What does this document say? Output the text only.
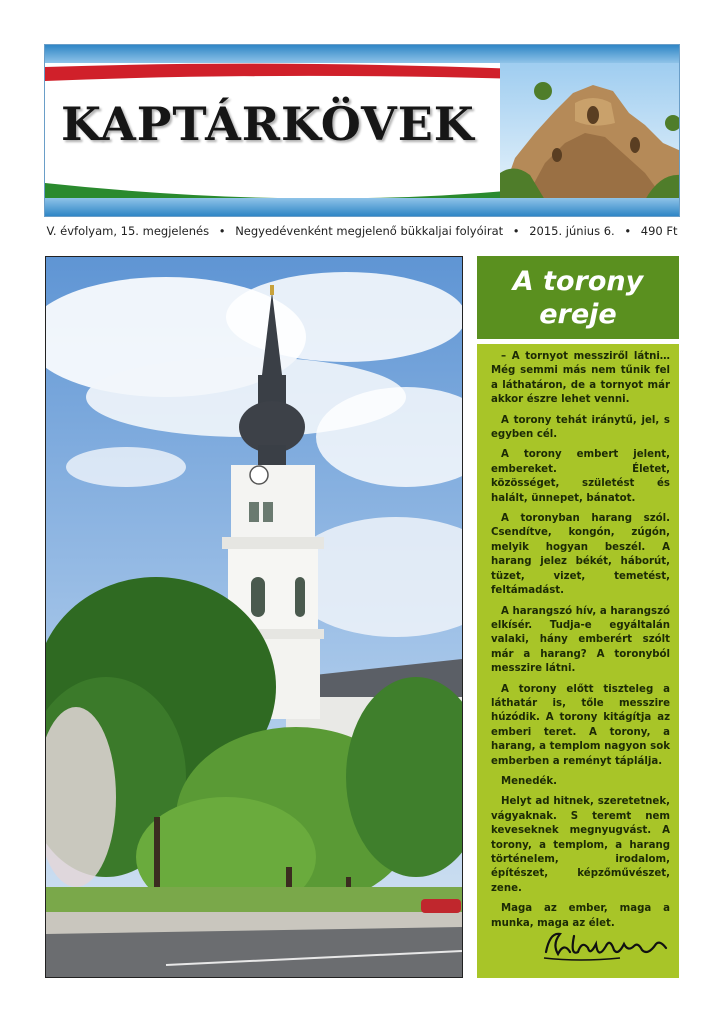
KAPTÁRKÖVEK
V. évfolyam, 15. megjelenés • Negyedévenként megjelenő bükkaljai folyóirat • 2015. június 6. • 490 Ft
A torony
ereje

– A tornyot messziről látni… Még semmi más nem tűnik fel a láthatáron, de a tornyot már akkor észre lehet venni.

A torony tehát iránytű, jel, s egyben cél.

A torony embert jelent, embereket. Életet, közösséget, születést és halált, ünnepet, bánatot.

A toronyban harang szól. Csendítve, kongón, zúgón, melyik hogyan beszél. A harang jelez békét, háborút, tüzet, vizet, temetést, feltámadást.

A harangszó hív, a harangszó elkísér. Tudja-e egyáltalán valaki, hány emberért szólt már a harang? A toronyból messzire látni.

A torony előtt tiszteleg a láthatár is, tőle messzire húzódik. A torony kitágítja az emberi teret. A torony, a harang, a templom nagyon sok emberben a reményt táplálja.

Menedék.

Helyt ad hitnek, szeretetnek, vágyaknak. S teremt nem keveseknek megnyugvást. A torony, a templom, a harang történelem, irodalom, építészet, képzőművészet, zene.

Maga az ember, maga a munka, maga az élet.
